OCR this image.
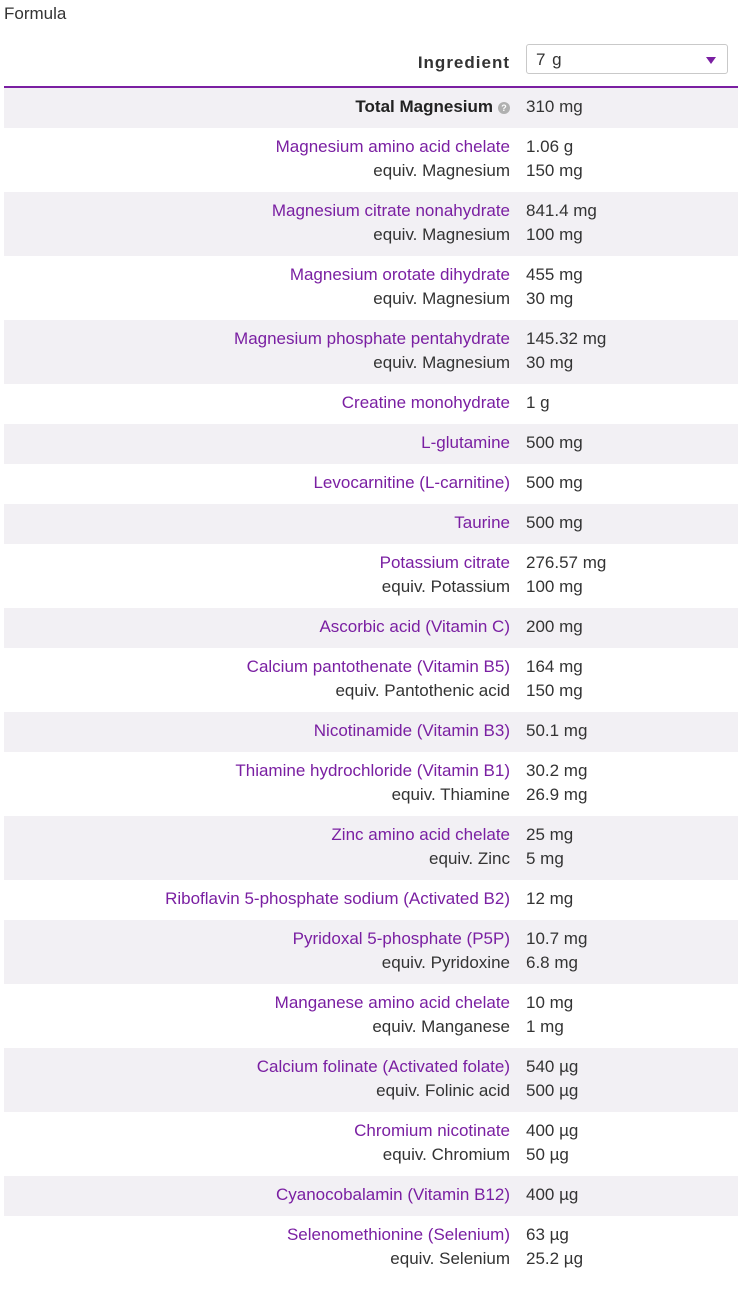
Formula
Ingredient 7 g
Total Magnesium ? 310 mg
Magnesium amino acid chelate 1.06 g
equiv. Magnesium 150 mg
Magnesium citrate nonahydrate 841.4 mg
equiv. Magnesium 100 mg
Magnesium orotate dihydrate 455 mg
equiv. Magnesium 30 mg
Magnesium phosphate pentahydrate 145.32 mg
equiv. Magnesium 30 mg
Creatine monohydrate 1 g
L-glutamine 500 mg
Levocarnitine (L-carnitine) 500 mg
Taurine 500 mg
Potassium citrate 276.57 mg
equiv. Potassium 100 mg
Ascorbic acid (Vitamin C) 200 mg
Calcium pantothenate (Vitamin B5) 164 mg
equiv. Pantothenic acid 150 mg
Nicotinamide (Vitamin B3) 50.1 mg
Thiamine hydrochloride (Vitamin B1) 30.2 mg
equiv. Thiamine 26.9 mg
Zinc amino acid chelate 25 mg
equiv. Zinc 5 mg
Riboflavin 5-phosphate sodium (Activated B2) 12 mg
Pyridoxal 5-phosphate (P5P) 10.7 mg
equiv. Pyridoxine 6.8 mg
Manganese amino acid chelate 10 mg
equiv. Manganese 1 mg
Calcium folinate (Activated folate) 540 µg
equiv. Folinic acid 500 µg
Chromium nicotinate 400 µg
equiv. Chromium 50 µg
Cyanocobalamin (Vitamin B12) 400 µg
Selenomethionine (Selenium) 63 µg
equiv. Selenium 25.2 µg
